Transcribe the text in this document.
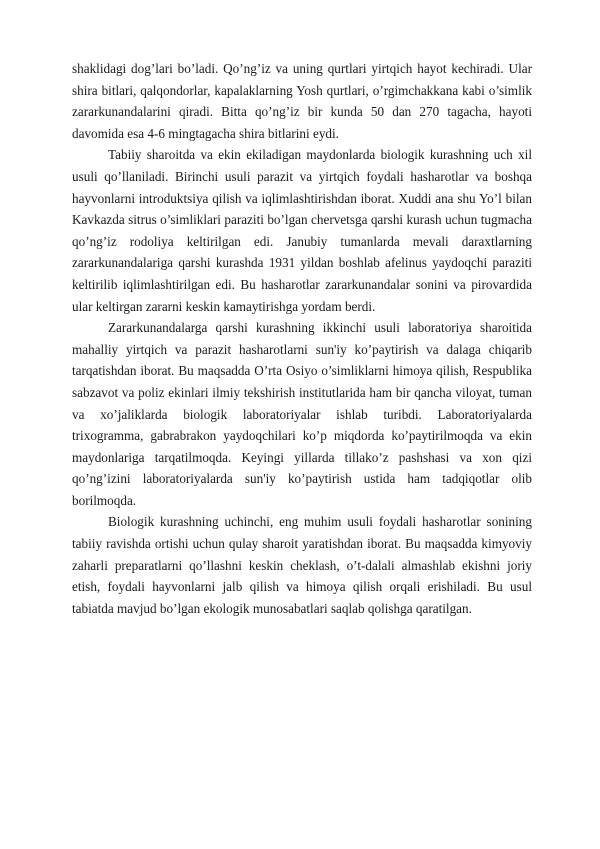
shaklidagi dog’lari bo’ladi. Qo’ng’iz va uning qurtlari yirtqich hayot kechiradi. Ular shira bitlari, qalqondorlar, kapalaklarning Yosh qurtlari, o’rgimchakkana kabi o’simlik zararkunandalarini qiradi. Bitta qo’ng’iz bir kunda 50 dan 270 tagacha, hayoti davomida esa 4-6 mingtagacha shira bitlarini eydi.

Tabiiy sharoitda va ekin ekiladigan maydonlarda biologik kurashning uch xil usuli qo’llaniladi. Birinchi usuli parazit va yirtqich foydali hasharotlar va boshqa hayvonlarni introduktsiya qilish va iqlimlashtirishdan iborat. Xuddi ana shu Yo’l bilan Kavkazda sitrus o’simliklari paraziti bo’lgan chervetsga qarshi kurash uchun tugmacha qo’ng’iz rodoliya keltirilgan edi. Janubiy tumanlarda mevali daraxtlarning zararkunandalariga qarshi kurashda 1931 yildan boshlab afelinus yaydoqchi paraziti keltirilib iqlimlashtirilgan edi. Bu hasharotlar zararkunandalar sonini va pirovardida ular keltirgan zararni keskin kamaytirishga yordam berdi.

Zararkunandalarga qarshi kurashning ikkinchi usuli laboratoriya sharoitida mahalliy yirtqich va parazit hasharotlarni sun'iy ko’paytirish va dalaga chiqarib tarqatishdan iborat. Bu maqsadda O’rta Osiyo o’simliklarni himoya qilish, Respublika sabzavot va poliz ekinlari ilmiy tekshirish institutlarida ham bir qancha viloyat, tuman va xo’jaliklarda biologik laboratoriyalar ishlab turibdi. Laboratoriyalarda trixogramma, gabrabrakon yaydoqchilari ko’p miqdorda ko’paytirilmoqda va ekin maydonlariga tarqatilmoqda. Keyingi yillarda tillako’z pashshasi va xon qizi qo’ng’izini laboratoriyalarda sun'iy ko’paytirish ustida ham tadqiqotlar olib borilmoqda.

Biologik kurashning uchinchi, eng muhim usuli foydali hasharotlar sonining tabiiy ravishda ortishi uchun qulay sharoit yaratishdan iborat. Bu maqsadda kimyoviy zaharli preparatlarni qo’llashni keskin cheklash, o’t-dalali almashlab ekishni joriy etish, foydali hayvonlarni jalb qilish va himoya qilish orqali erishiladi. Bu usul tabiatda mavjud bo’lgan ekologik munosabatlari saqlab qolishga qaratilgan.
